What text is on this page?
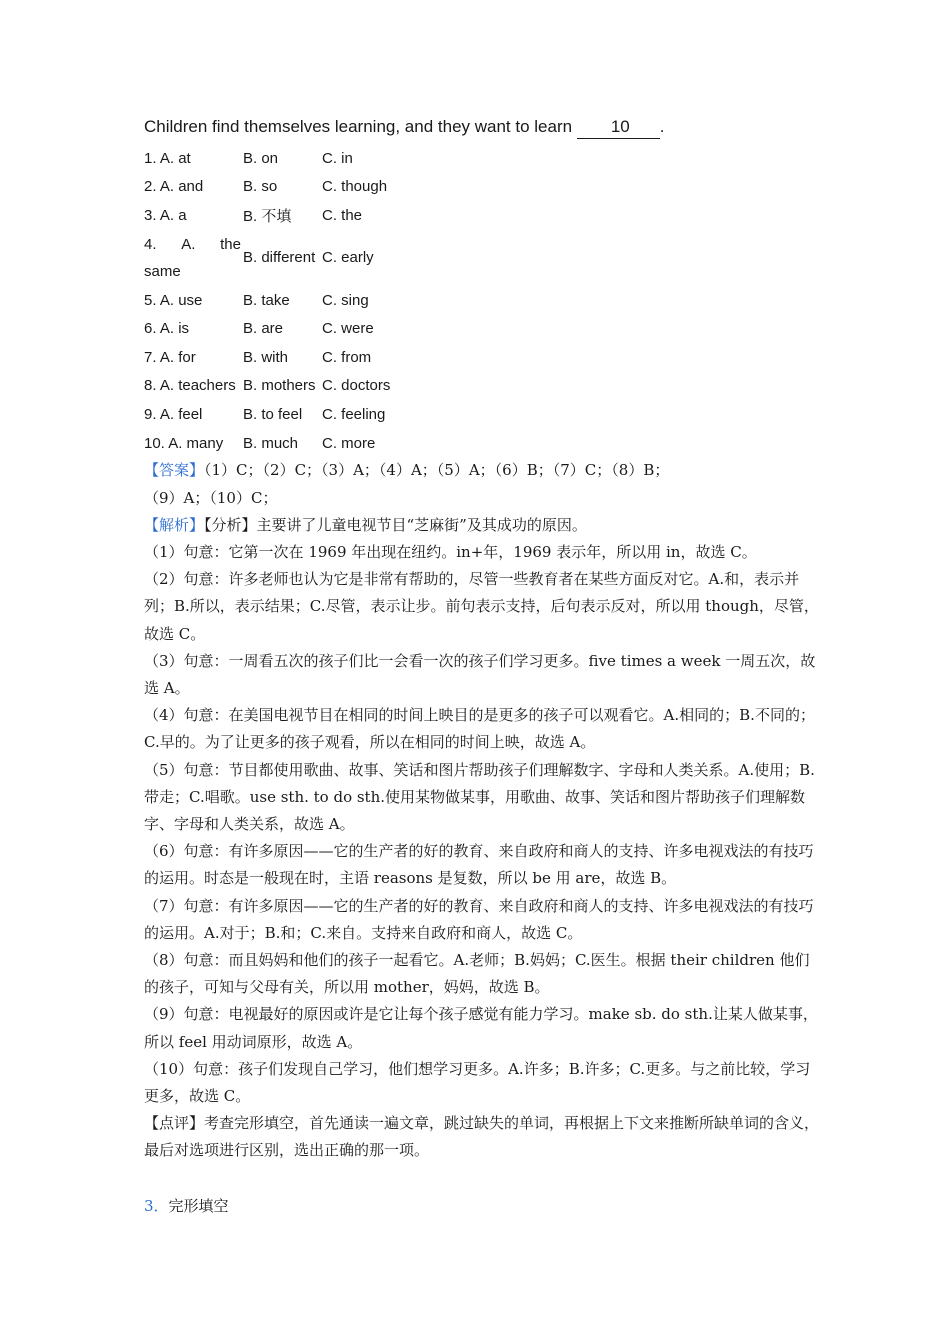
Children find themselves learning, and they want to learn 10 .

1. A. at	B. on	C. in
2. A. and	B. so	C. though
3. A. a	B. 不填	C. the

4. A. the
same	B. different	C. early
5. A. use	B. take	C. sing
6. A. is	B. are	C. were
7. A. for	B. with	C. from
8. A. teachers	B. mothers	C. doctors
9. A. feel	B. to feel	C. feeling
10. A. many	B. much	C. more

【答案】（1）C；（2）C；（3）A；（4）A；（5）A；（6）B；（7）C；（8）B；

（9）A；（10）C；

【解析】【分析】主要讲了儿童电视节目“芝麻街”及其成功的原因。

（1）句意：它第一次在 1969 年出现在纽约。in+年，1969 表示年，所以用 in，故选 C。

（2）句意：许多老师也认为它是非常有帮助的，尽管一些教育者在某些方面反对它。A.和，表示并列；B.所以，表示结果；C.尽管，表示让步。前句表示支持，后句表示反对，所以用 though，尽管，故选 C。

（3）句意：一周看五次的孩子们比一会看一次的孩子们学习更多。five times a week 一周五次，故选 A。

（4）句意：在美国电视节目在相同的时间上映目的是更多的孩子可以观看它。A.相同的；B.不同的；C.早的。为了让更多的孩子观看，所以在相同的时间上映，故选 A。

（5）句意：节目都使用歌曲、故事、笑话和图片帮助孩子们理解数字、字母和人类关系。A.使用；B.带走；C.唱歌。use sth. to do sth.使用某物做某事，用歌曲、故事、笑话和图片帮助孩子们理解数字、字母和人类关系，故选 A。

（6）句意：有许多原因——它的生产者的好的教育、来自政府和商人的支持、许多电视戏法的有技巧的运用。时态是一般现在时，主语 reasons 是复数，所以 be 用 are，故选 B。

（7）句意：有许多原因——它的生产者的好的教育、来自政府和商人的支持、许多电视戏法的有技巧的运用。A.对于；B.和；C.来自。支持来自政府和商人，故选 C。

（8）句意：而且妈妈和他们的孩子一起看它。A.老师；B.妈妈；C.医生。根据 their children 他们的孩子，可知与父母有关，所以用 mother，妈妈，故选 B。

（9）句意：电视最好的原因或许是它让每个孩子感觉有能力学习。make sb. do sth.让某人做某事，所以 feel 用动词原形，故选 A。

（10）句意：孩子们发现自己学习，他们想学习更多。A.许多；B.许多；C.更多。与之前比较，学习更多，故选 C。

【点评】考查完形填空，首先通读一遍文章，跳过缺失的单词，再根据上下文来推断所缺单词的含义，最后对选项进行区别，选出正确的那一项。

3．完形填空
